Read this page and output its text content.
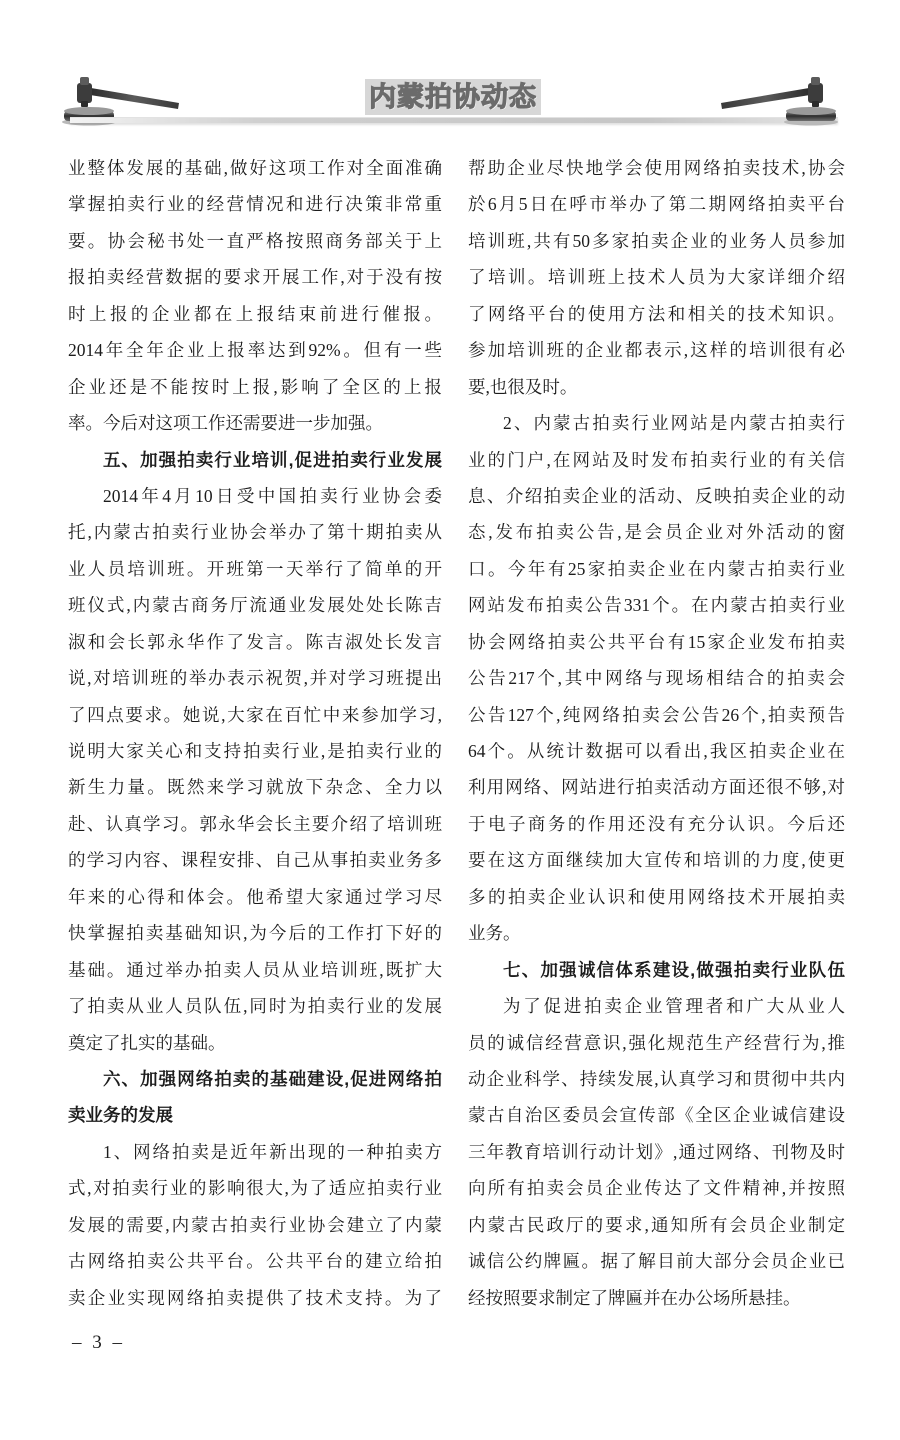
内蒙拍协动态
业整体发展的基础,做好这项工作对全面准确
掌握拍卖行业的经营情况和进行决策非常重
要。协会秘书处一直严格按照商务部关于上
报拍卖经营数据的要求开展工作,对于没有按
时上报的企业都在上报结束前进行催报。
2014年全年企业上报率达到92%。但有一些
企业还是不能按时上报,影响了全区的上报
率。今后对这项工作还需要进一步加强。
五、加强拍卖行业培训,促进拍卖行业发展
2014年4月10日受中国拍卖行业协会委
托,内蒙古拍卖行业协会举办了第十期拍卖从
业人员培训班。开班第一天举行了简单的开
班仪式,内蒙古商务厅流通业发展处处长陈吉
淑和会长郭永华作了发言。陈吉淑处长发言
说,对培训班的举办表示祝贺,并对学习班提出
了四点要求。她说,大家在百忙中来参加学习,
说明大家关心和支持拍卖行业,是拍卖行业的
新生力量。既然来学习就放下杂念、全力以
赴、认真学习。郭永华会长主要介绍了培训班
的学习内容、课程安排、自己从事拍卖业务多
年来的心得和体会。他希望大家通过学习尽
快掌握拍卖基础知识,为今后的工作打下好的
基础。通过举办拍卖人员从业培训班,既扩大
了拍卖从业人员队伍,同时为拍卖行业的发展
奠定了扎实的基础。
六、加强网络拍卖的基础建设,促进网络拍
卖业务的发展
1、网络拍卖是近年新出现的一种拍卖方
式,对拍卖行业的影响很大,为了适应拍卖行业
发展的需要,内蒙古拍卖行业协会建立了内蒙
古网络拍卖公共平台。公共平台的建立给拍
卖企业实现网络拍卖提供了技术支持。为了
帮助企业尽快地学会使用网络拍卖技术,协会
於6月5日在呼市举办了第二期网络拍卖平台
培训班,共有50多家拍卖企业的业务人员参加
了培训。培训班上技术人员为大家详细介绍
了网络平台的使用方法和相关的技术知识。
参加培训班的企业都表示,这样的培训很有必
要,也很及时。
2、内蒙古拍卖行业网站是内蒙古拍卖行
业的门户,在网站及时发布拍卖行业的有关信
息、介绍拍卖企业的活动、反映拍卖企业的动
态,发布拍卖公告,是会员企业对外活动的窗
口。今年有25家拍卖企业在内蒙古拍卖行业
网站发布拍卖公告331个。在内蒙古拍卖行业
协会网络拍卖公共平台有15家企业发布拍卖
公告217个,其中网络与现场相结合的拍卖会
公告127个,纯网络拍卖会公告26个,拍卖预告
64个。从统计数据可以看出,我区拍卖企业在
利用网络、网站进行拍卖活动方面还很不够,对
于电子商务的作用还没有充分认识。今后还
要在这方面继续加大宣传和培训的力度,使更
多的拍卖企业认识和使用网络技术开展拍卖
业务。
七、加强诚信体系建设,做强拍卖行业队伍
为了促进拍卖企业管理者和广大从业人
员的诚信经营意识,强化规范生产经营行为,推
动企业科学、持续发展,认真学习和贯彻中共内
蒙古自治区委员会宣传部《全区企业诚信建设
三年教育培训行动计划》,通过网络、刊物及时
向所有拍卖会员企业传达了文件精神,并按照
内蒙古民政厅的要求,通知所有会员企业制定
诚信公约牌匾。据了解目前大部分会员企业已
经按照要求制定了牌匾并在办公场所悬挂。
– 3 –
